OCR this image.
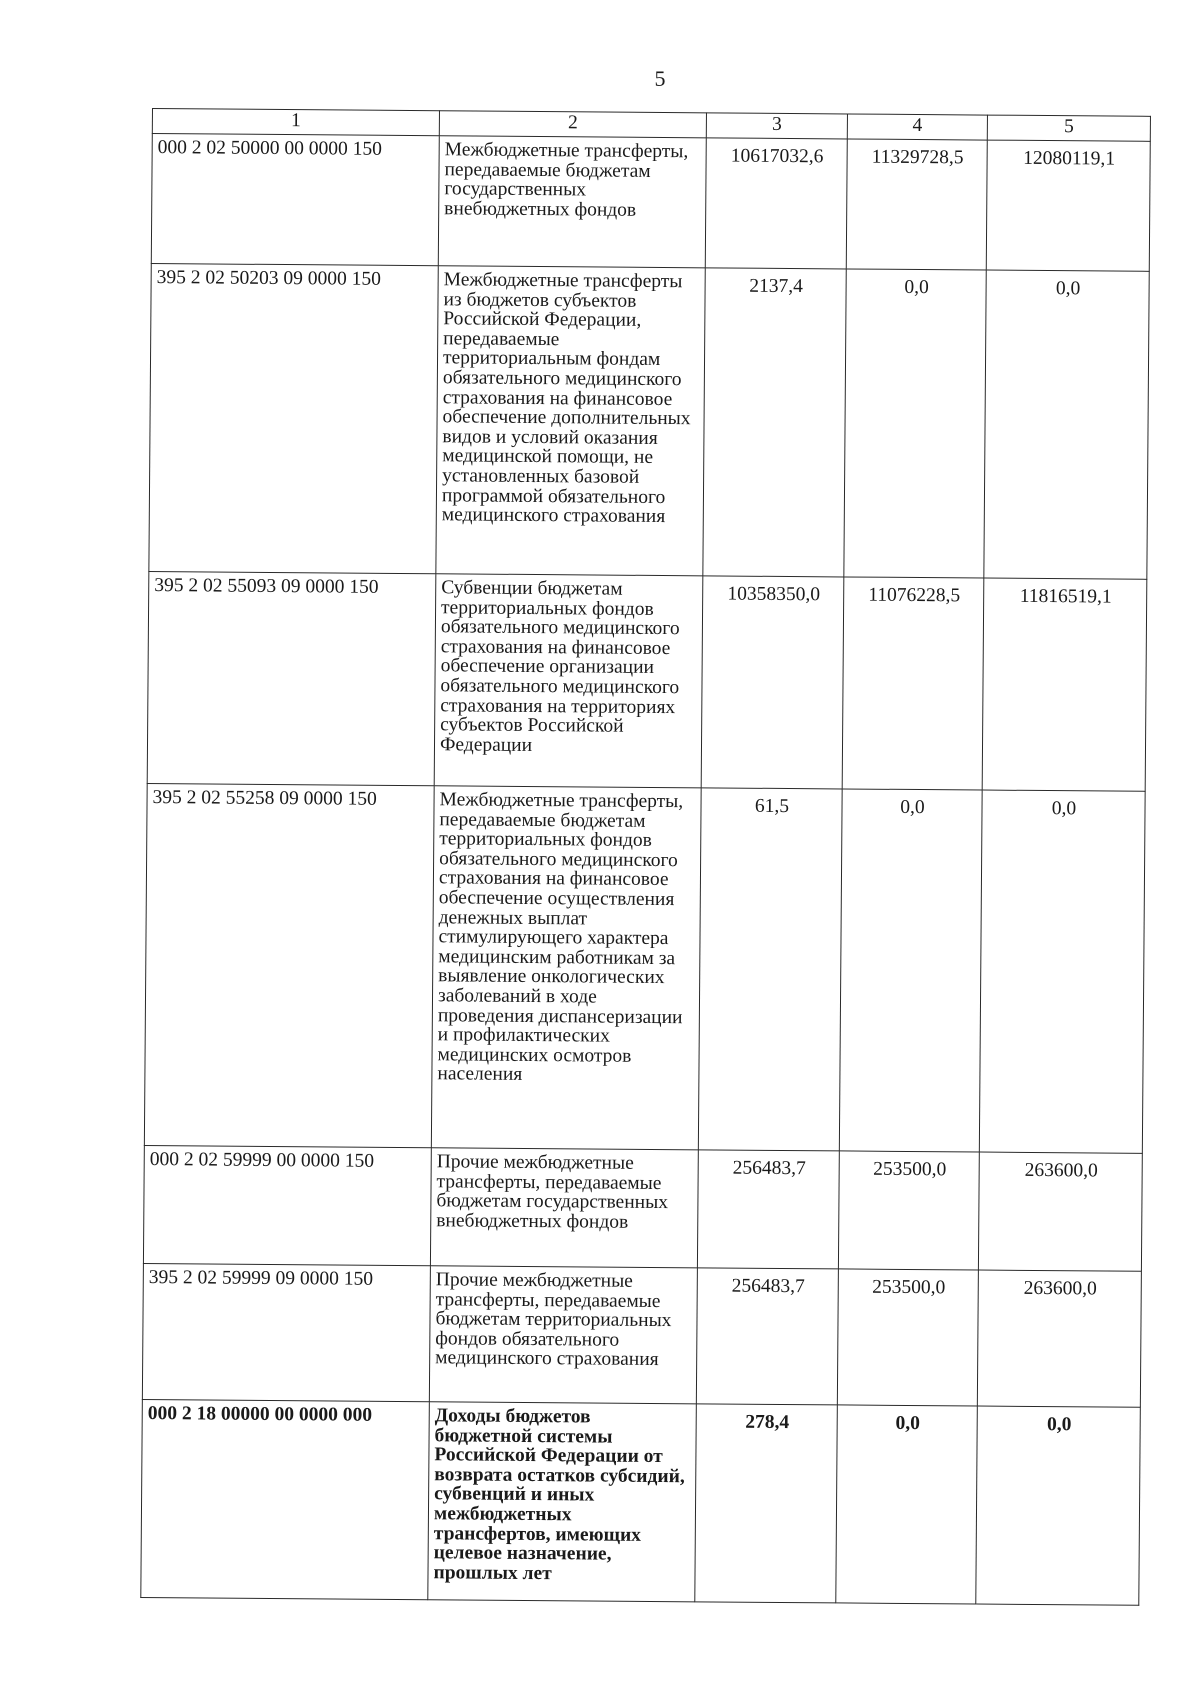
5
1	2	3	4	5
000 2 02 50000 00 0000 150	Межбюджетные трансферты, передаваемые бюджетам государственных внебюджетных фондов	10617032,6	11329728,5	12080119,1
395 2 02 50203 09 0000 150	Межбюджетные трансферты из бюджетов субъектов Российской Федерации, передаваемые территориальным фондам обязательного медицинского страхования на финансовое обеспечение дополнительных видов и условий оказания медицинской помощи, не установленных базовой программой обязательного медицинского страхования	2137,4	0,0	0,0
395 2 02 55093 09 0000 150	Субвенции бюджетам территориальных фондов обязательного медицинского страхования на финансовое обеспечение организации обязательного медицинского страхования на территориях субъектов Российской Федерации	10358350,0	11076228,5	11816519,1
395 2 02 55258 09 0000 150	Межбюджетные трансферты, передаваемые бюджетам территориальных фондов обязательного медицинского страхования на финансовое обеспечение осуществления денежных выплат стимулирующего характера медицинским работникам за выявление онкологических заболеваний в ходе проведения диспансеризации и профилактических медицинских осмотров населения	61,5	0,0	0,0
000 2 02 59999 00 0000 150	Прочие межбюджетные трансферты, передаваемые бюджетам государственных внебюджетных фондов	256483,7	253500,0	263600,0
395 2 02 59999 09 0000 150	Прочие межбюджетные трансферты, передаваемые бюджетам территориальных фондов обязательного медицинского страхования	256483,7	253500,0	263600,0
000 2 18 00000 00 0000 000	Доходы бюджетов бюджетной системы Российской Федерации от возврата остатков субсидий, субвенций и иных межбюджетных трансфертов, имеющих целевое назначение, прошлых лет	278,4	0,0	0,0
